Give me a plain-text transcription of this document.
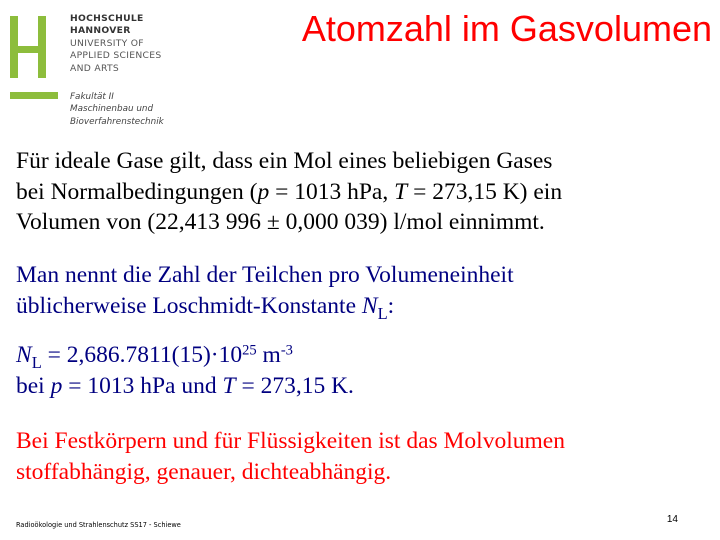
HOCHSCHULE
HANNOVER
UNIVERSITY OF
APPLIED SCIENCES
AND ARTS
Fakultät II
Maschinenbau und
Bioverfahrenstechnik
Atomzahl im Gasvolumen
Für ideale Gase gilt, dass ein Mol eines beliebigen Gases
bei Normalbedingungen (p = 1013 hPa, T = 273,15 K) ein
Volumen von (22,413 996 ± 0,000 039) l/mol einnimmt.
Man nennt die Zahl der Teilchen pro Volumeneinheit
üblicherweise Loschmidt-Konstante $N_L$:
$N_L = 2,686.7811(15)\cdot 10^{25}$ $m^{-3}$
bei p = 1013 hPa und T = 273,15 K.
Bei Festkörpern und für Flüssigkeiten ist das Molvolumen
stoffabhängig, genauer, dichteabhängig.
Radioökologie und Strahlenschutz SS17 - Schiewe	14
